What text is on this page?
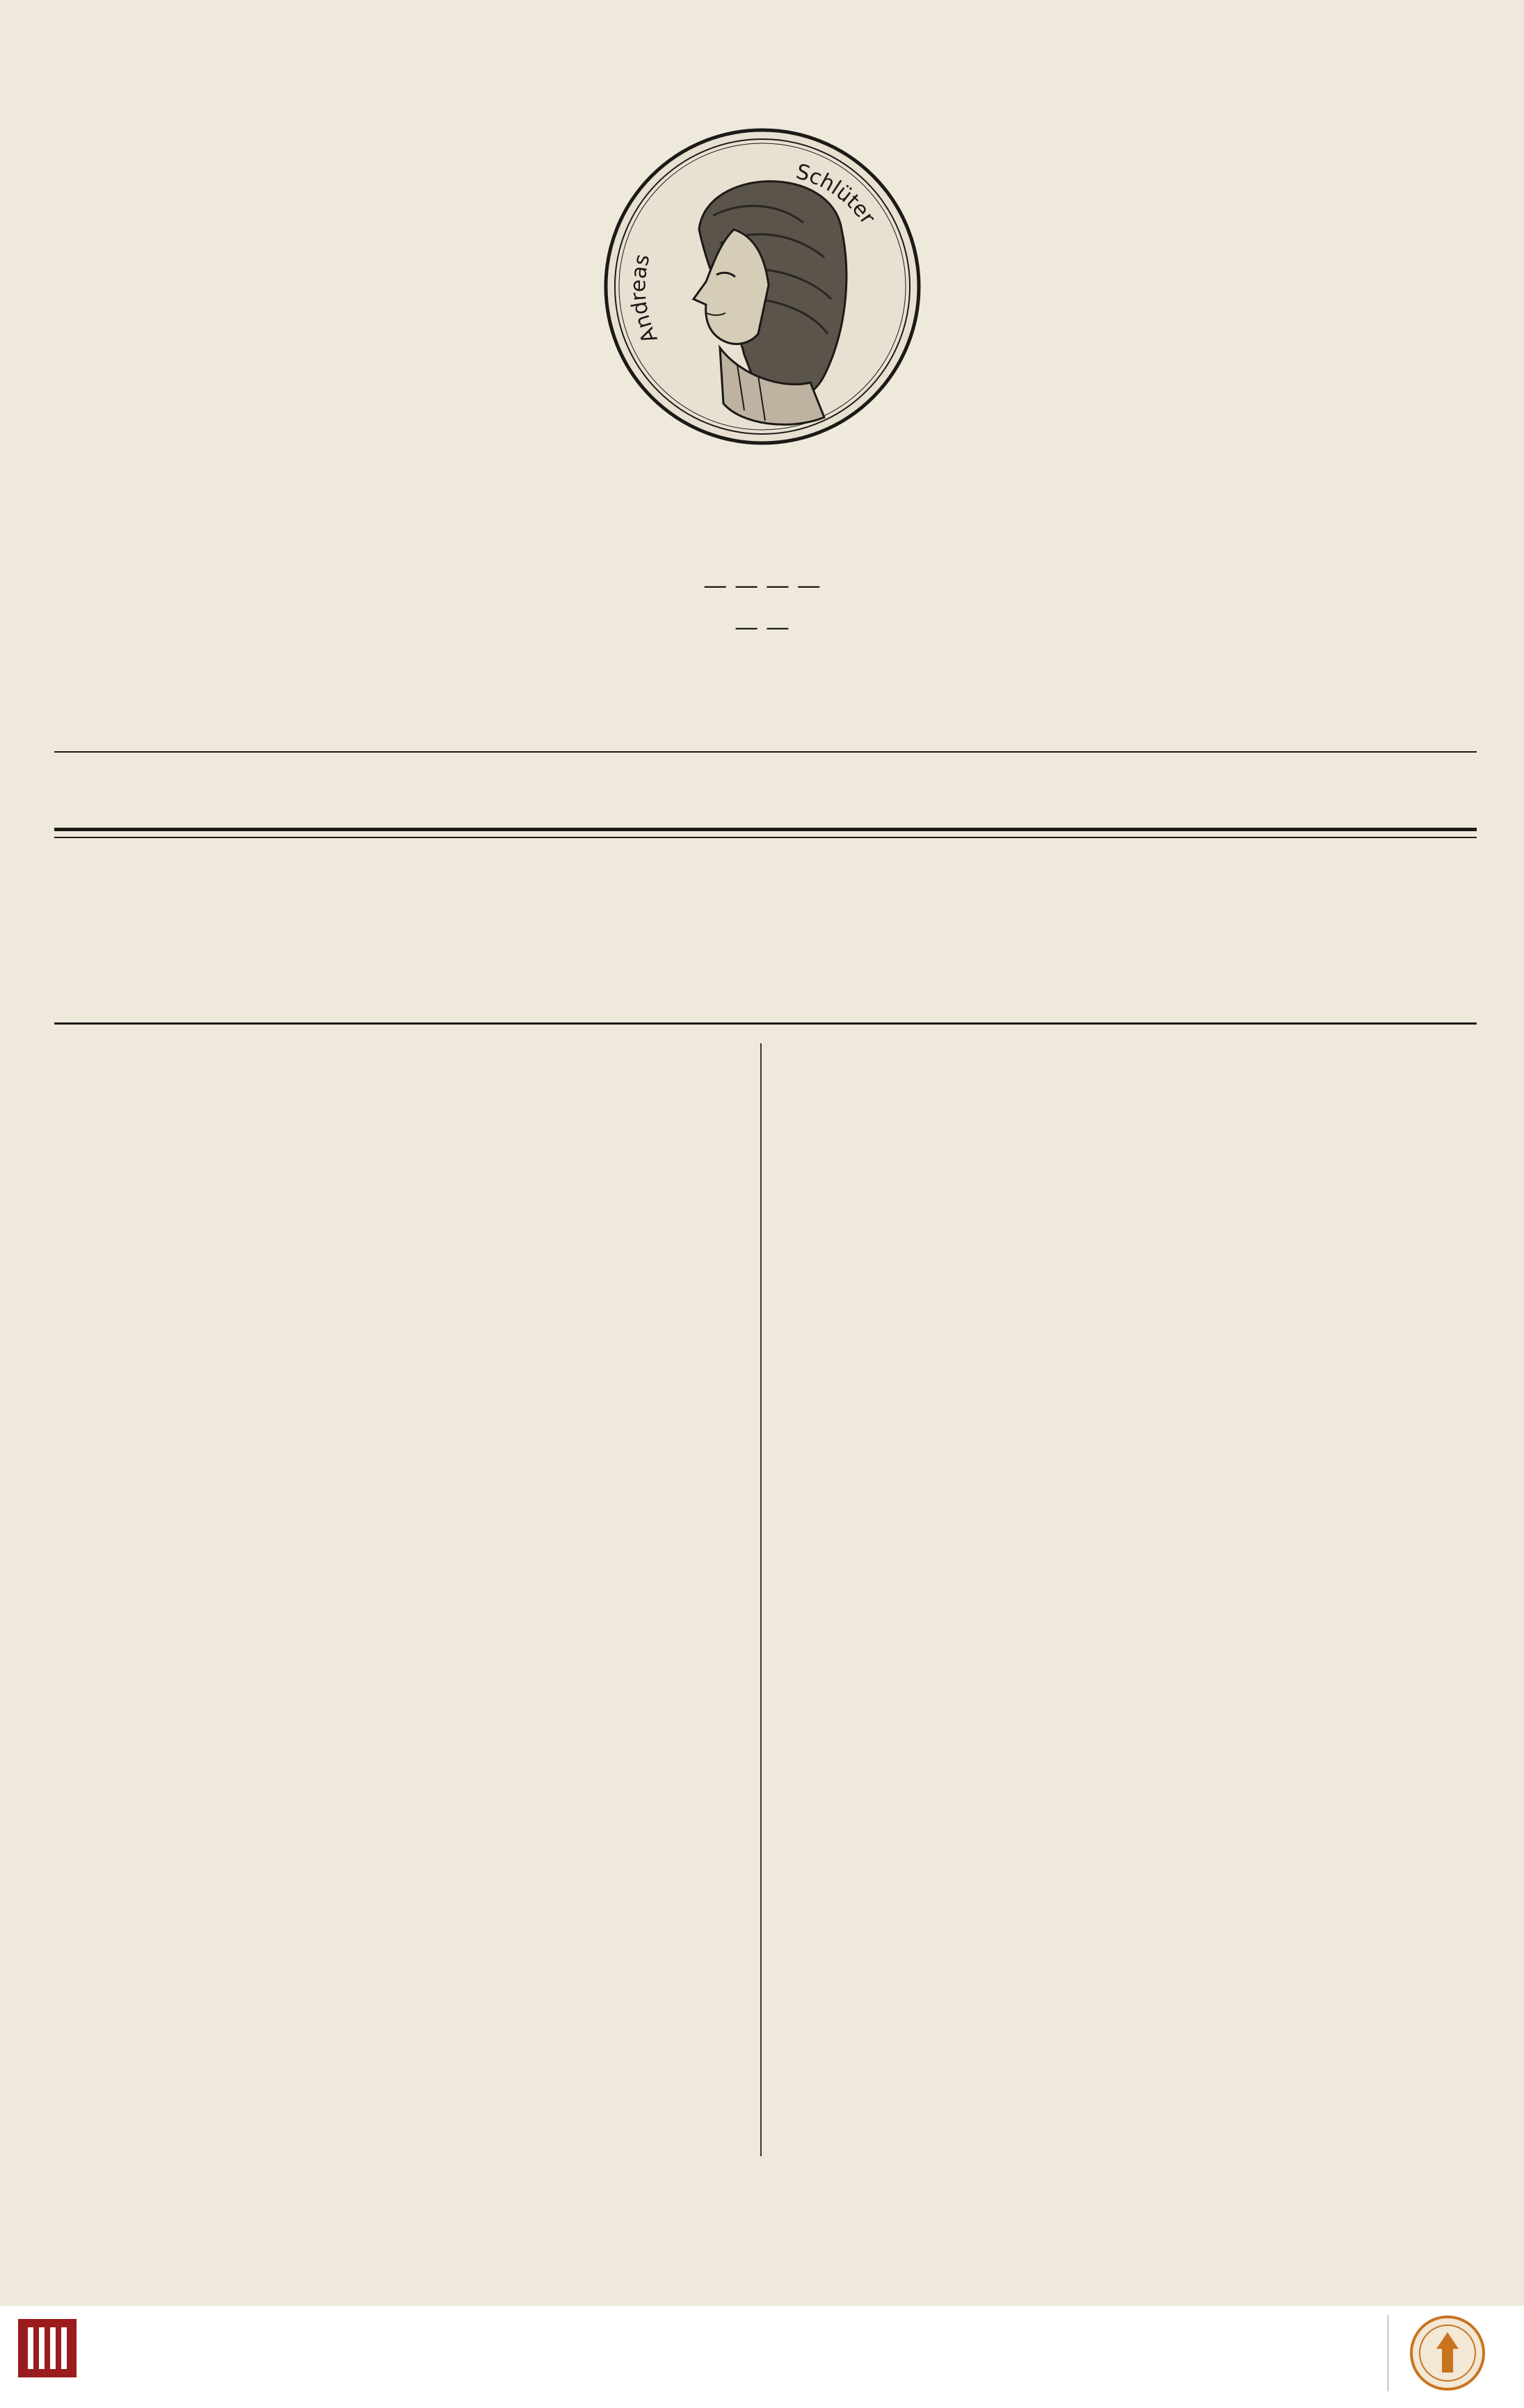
Andreas
Schlüter
— — — —
— —
